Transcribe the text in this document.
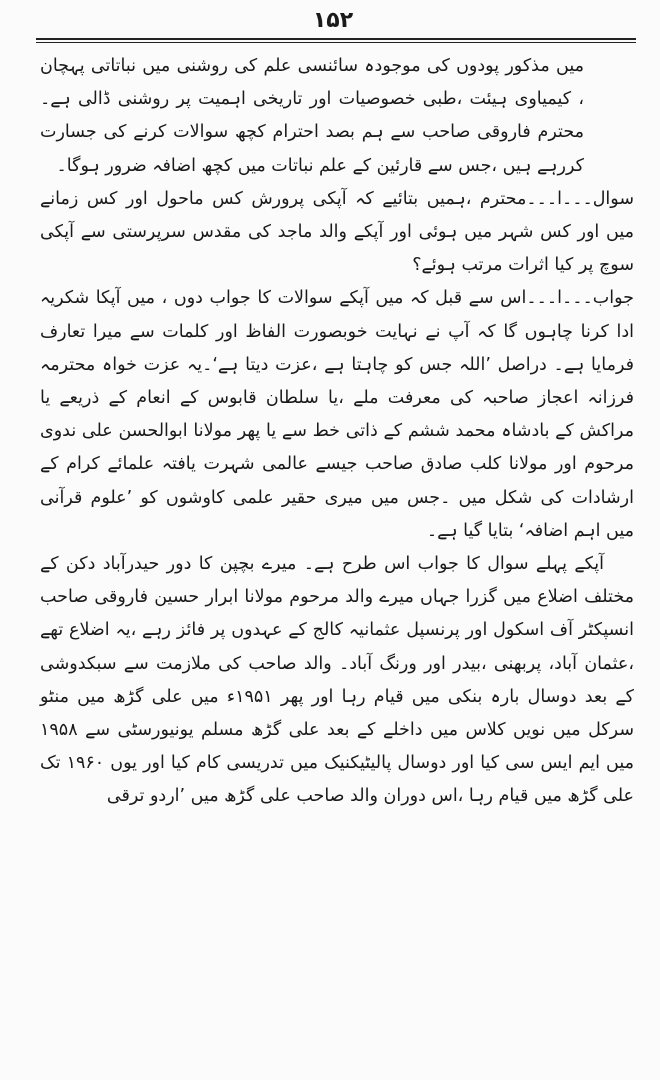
۱۵۲

میں مذکور پودوں کی موجودہ سائنسی علم کی روشنی میں نباتاتی پہچان ، کیمیاوی ہیئت ،طبی خصوصیات اور تاریخی اہمیت پر روشنی ڈالی ہے۔محترم فاروقی صاحب سے ہم بصد احترام کچھ سوالات کرنے کی جسارت کررہے ہیں ،جس سے قارئین کے علم نباتات میں کچھ اضافہ ضرور ہوگا۔

سوال۔۔۔ا۔۔۔محترم ،ہمیں بتائیے کہ آپکی پرورش کس ماحول اور کس زمانے میں اور کس شہر میں ہوئی اور آپکے والد ماجد کی مقدس سرپرستی سے آپکی سوچ پر کیا اثرات مرتب ہوئے؟

جواب۔۔۔ا۔۔۔اس سے قبل کہ میں آپکے سوالات کا جواب دوں ، میں آپکا شکریہ ادا کرنا چاہوں گا کہ آپ نے نہایت خوبصورت الفاظ اور کلمات سے میرا تعارف فرمایا ہے۔ دراصل ’اللہ جس کو چاہتا ہے ،عزت دیتا ہے‘۔یہ عزت خواہ محترمہ فرزانہ اعجاز صاحبہ کی معرفت ملے ،یا سلطان قابوس کے انعام کے ذریعے یا مراکش کے بادشاہ محمد ششم کے ذاتی خط سے یا پھر مولانا ابوالحسن علی ندوی مرحوم اور مولانا کلب صادق صاحب جیسے عالمی شہرت یافتہ علمائے کرام کے ارشادات کی شکل میں ۔جس میں میری حقیر علمی کاوشوں کو ’علوم قرآنی میں اہم اضافہ‘ بتایا گیا ہے۔

آپکے پہلے سوال کا جواب اس طرح ہے۔ میرے بچپن کا دور حیدرآباد دکن کے مختلف اضلاع میں گزرا جہاں میرے والد مرحوم مولانا ابرار حسین فاروقی صاحب انسپکٹر آف اسکول اور پرنسپل عثمانیہ کالج کے عہدوں پر فائز رہے ،یہ اضلاع تھے ،عثمان آباد، پربھنی ،بیدر اور ورنگ آباد۔ والد صاحب کی ملازمت سے سبکدوشی کے بعد دوسال بارہ بنکی میں قیام رہا اور پھر ۱۹۵۱ء میں علی گڑھ میں منٹو سرکل میں نویں کلاس میں داخلے کے بعد علی گڑھ مسلم یونیورسٹی سے ۱۹۵۸ میں ایم ایس سی کیا اور دوسال پالیٹیکنیک میں تدریسی کام کیا اور یوں ۱۹۶۰ تک علی گڑھ میں قیام رہا ،اس دوران والد صاحب علی گڑھ میں ’اردو ترقی
